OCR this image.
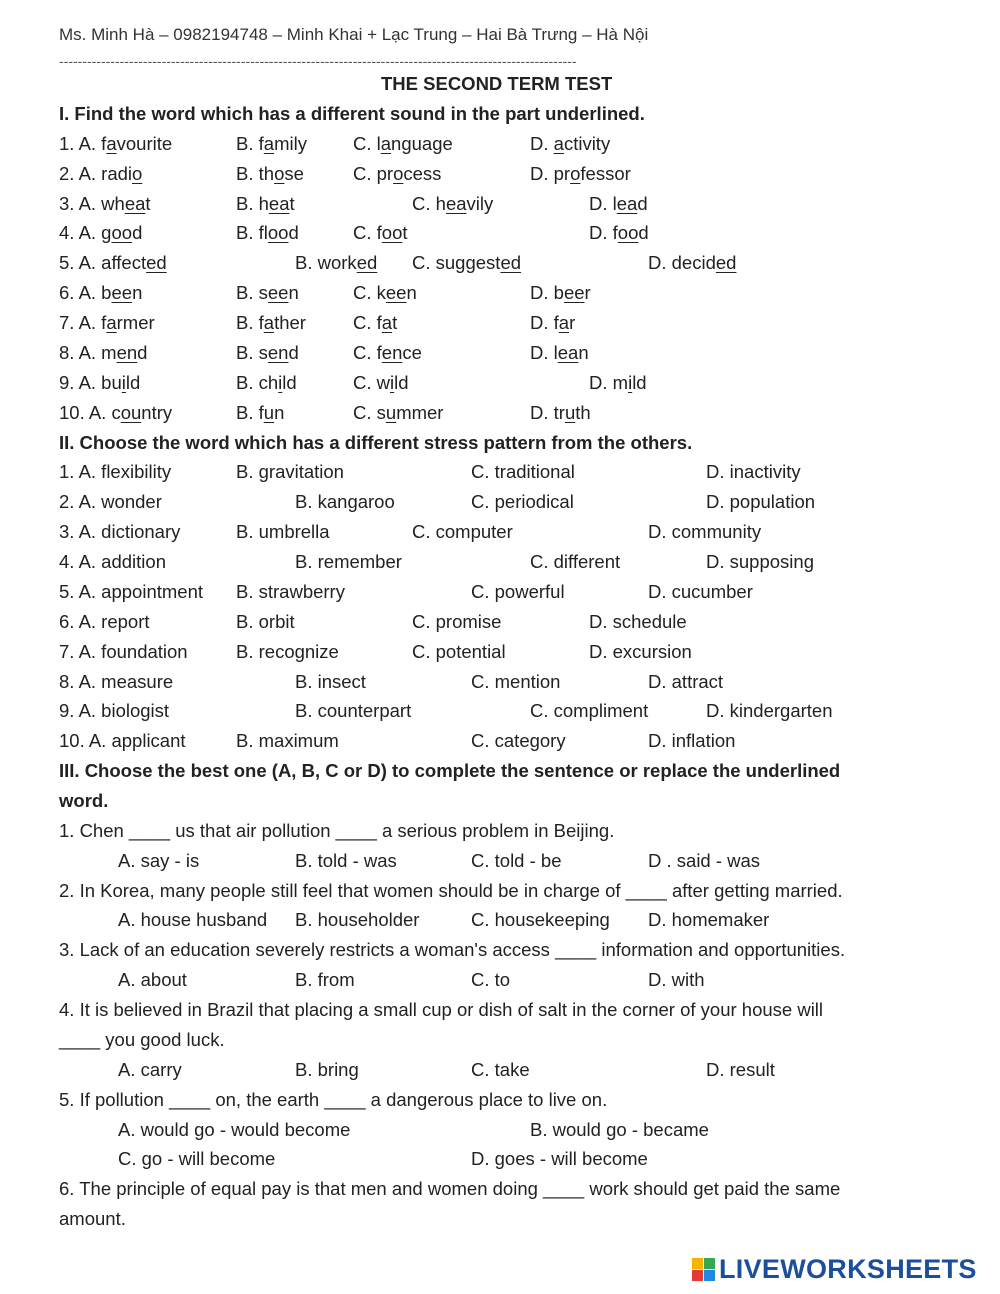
Ms. Minh Hà – 0982194748 – Minh Khai + Lạc Trung – Hai Bà Trưng – Hà Nội
---------------------------------------------------------------------------------------------------------------
THE SECOND TERM TEST
I. Find the word which has a different sound in the part underlined.
1. A. favourite	B. family C. language	D. activity
2. A. radio	B. those	C. process	D. professor
3. A. wheat	B. heat	C. heavily	D. lead
4. A. good	B. flood	C. foot	D. food
5. A. affected	B. worked C. suggested	D. decided
6. A. been	B. seen	C. keen	D. beer
7. A. farmer	B. father	C. fat	D. far
8. A. mend	B. send	C. fence	D. lean
9. A. build	B. child	C. wild	D. mild
10. A. country	B. fun	C. summer	D. truth
II. Choose the word which has a different stress pattern from the others.
1. A. flexibility	B. gravitation	C. traditional	D. inactivity
2. A. wonder	B. kangaroo	C. periodical	D. population
3. A. dictionary	B. umbrella	C. computer	D. community
4. A. addition	B. remember	C. different	D. supposing
5. A. appointment B. strawberry	C. powerful	D. cucumber
6. A. report	B. orbit	C. promise	D. schedule
7. A. foundation	B. recognize	C. potential	D. excursion
8. A. measure	B. insect	C. mention	D. attract
9. A. biologist	B. counterpart	C. compliment	D. kindergarten
10. A. applicant	B. maximum	C. category	D. inflation
III. Choose the best one (A, B, C or D) to complete the sentence or replace the underlined
word.
1. Chen ____ us that air pollution ____ a serious problem in Beijing.
A. say - is	B. told - was	C. told - be	D . said - was
2. In Korea, many people still feel that women should be in charge of ____ after getting married.
A. house husband B. householder	C. housekeeping D. homemaker
3. Lack of an education severely restricts a woman's access ____ information and opportunities.
A. about	B. from	C. to	D. with
4. It is believed in Brazil that placing a small cup or dish of salt in the corner of your house will
____ you good luck.
A. carry	B. bring	C. take	D. result
5. If pollution ____ on, the earth ____ a dangerous place to live on.
A. would go - would become	B. would go - became
C. go - will become	D. goes - will become
6. The principle of equal pay is that men and women doing ____ work should get paid the same
amount.
LIVEWORKSHEETS
